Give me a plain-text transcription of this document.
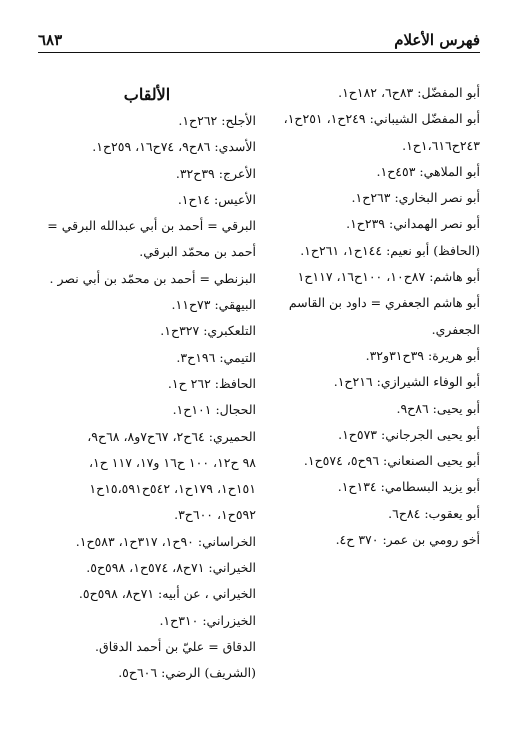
فهرس الأعلام
٦٨٣
أبو المفضّل: ٨٣ح٦، ١٨٢ح١.
أبو المفضّل الشيباني: ٢٤٩ح١، ٢٥١ح١،
٢٤٣ح١،٦١٦ح١.
أبو الملاهي: ٤٥٣ح١.
أبو نصر البخاري: ٢٦٣ح١.
أبو نصر الهمداني: ٢٣٩ح١.
(الحافظ) أبو نعيم: ١٤٤ح١، ٢٦١ح١.
أبو هاشم: ٨٧ح١٠، ١٠٠ح١٦، ١١٧ح١
أبو هاشم الجعفري = داود بن القاسم
الجعفري.
أبو هريرة: ٣٩ح٣١و٣٢.
أبو الوفاء الشيرازي: ٢١٦ح١.
أبو يحيى: ٨٦ح٩.
أبو يحيى الجرجاني: ٥٧٣ح١.
أبو يحيى الصنعاني: ٩٦ح٥، ٥٧٤ح١.
أبو يزيد البسطامي: ١٣٤ح١.
أبو يعقوب: ٨٤ح٦.
أخو رومي بن عمر: ٣٧٠ ح٤.
الألقاب
الأجلح: ٢٦٢ح١.
الأسدي: ٨٦ح٩، ٧٤ح١٦، ٢٥٩ح١.
الأعرج: ٣٩ح٣٢.
الأعيس: ١٤ح١.
البرقي = أحمد بن أبي عبدالله البرقي =
أحمد بن محمّد البرقي.
البزنطي = أحمد بن محمّد بن أبي نصر .
البيهقي: ٧٣ح١١.
التلعكبري: ٣٢٧ح١.
التيمي: ١٩٦ح٣.
الحافظ: ٢٦٢ ح١.
الحجال: ١٠١ح١.
الحميري: ٦٤ح٢، ٦٧ح٧و٨، ٦٨ح٩،
٩٨ ح١٢، ١٠٠ ح١٦ و١٧، ١١٧ ح١،
١٥١ح١، ١٧٩ح١، ٥٤٢ح١٥،٥٩١ح١
٥٩٢ح١، ٦٠٠ح٣.
الخراساني: ٩٠ح١، ٣١٧ح١، ٥٨٣ح١.
الخيراني: ٧١ح٨، ٥٧٤ح١، ٥٩٨ح٥.
الخيراني ، عن أبيه: ٧١ح٨، ٥٩٨ح٥.
الخيزراني: ٣١٠ح١.
الدقاق = عليّ بن أحمد الدقاق.
(الشريف) الرضي: ٦٠٦ح٥.
